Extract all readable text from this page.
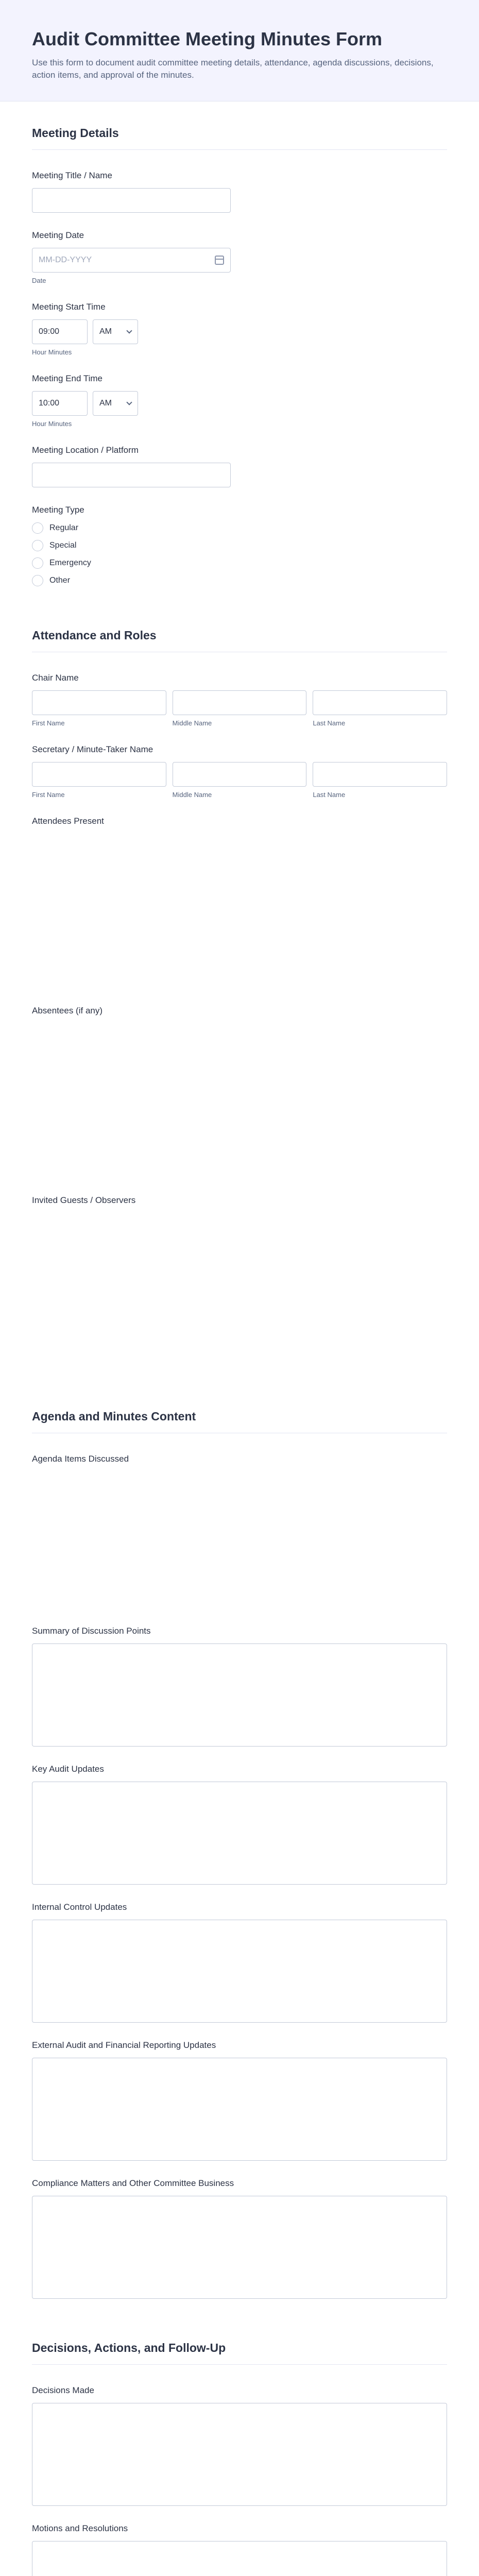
Audit Committee Meeting Minutes Form

Use this form to document audit committee meeting details, attendance, agenda discussions, decisions, action items, and approval of the minutes.

Meeting Details
Meeting Title / Name
Meeting Date
MM-DD-YYYY
Date
Meeting Start Time
09:00	AM
Hour Minutes
Meeting End Time
10:00	AM
Hour Minutes
Meeting Location / Platform
Meeting Type
Regular
Special
Emergency
Other
Attendance and Roles
Chair Name
First Name	Middle Name	Last Name
Secretary / Minute-Taker Name
First Name	Middle Name	Last Name
Attendees Present
Absentees (if any)
Invited Guests / Observers
Agenda and Minutes Content
Agenda Items Discussed
Summary of Discussion Points
Key Audit Updates
Internal Control Updates
External Audit and Financial Reporting Updates
Compliance Matters and Other Committee Business
Decisions, Actions, and Follow-Up
Decisions Made
Motions and Resolutions
